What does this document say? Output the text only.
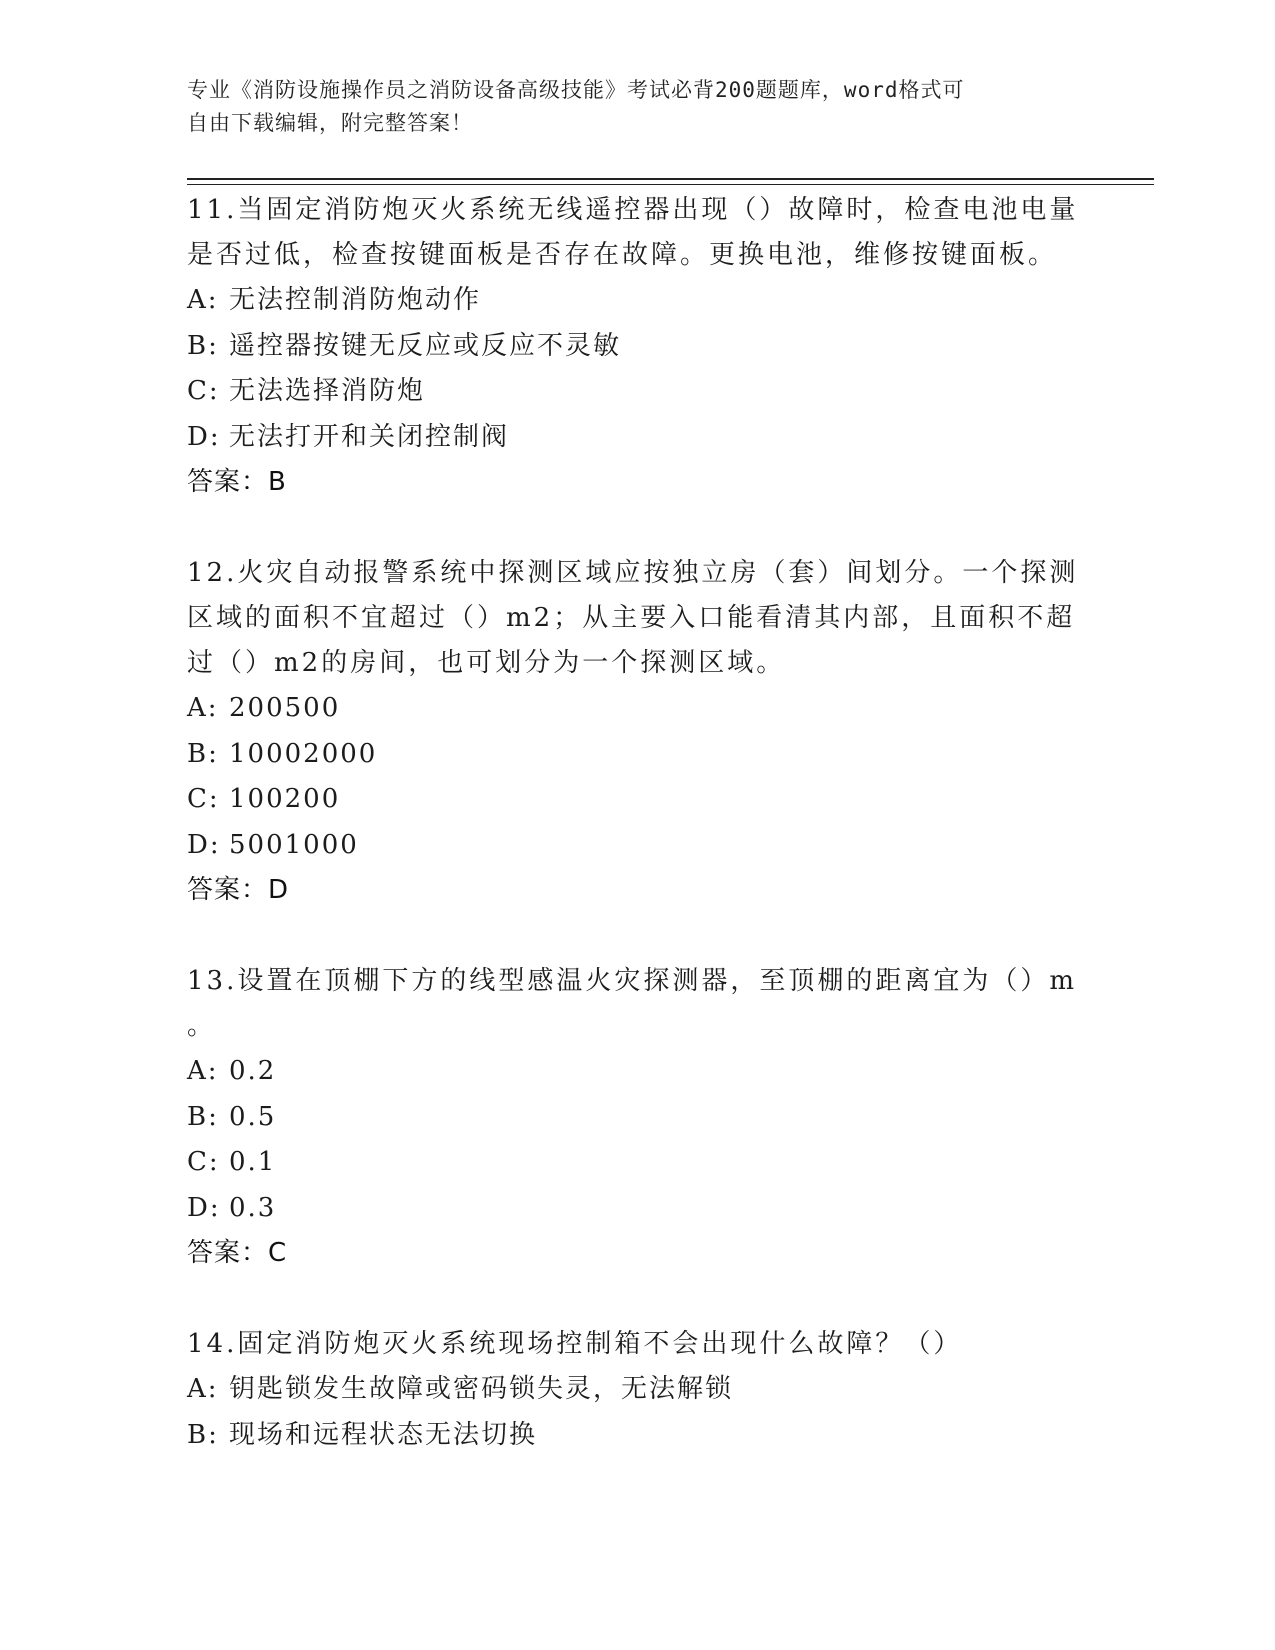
专业《消防设施操作员之消防设备高级技能》考试必背200题题库，word格式可
自由下载编辑，附完整答案！
11.当固定消防炮灭火系统无线遥控器出现（）故障时，检查电池电量
是否过低，检查按键面板是否存在故障。更换电池，维修按键面板。
A: 无法控制消防炮动作
B: 遥控器按键无反应或反应不灵敏
C: 无法选择消防炮
D: 无法打开和关闭控制阀
答案：B
12.火灾自动报警系统中探测区域应按独立房（套）间划分。一个探测
区域的面积不宜超过（）m2；从主要入口能看清其内部，且面积不超
过（）m2的房间，也可划分为一个探测区域。
A: 200500
B: 10002000
C: 100200
D: 5001000
答案：D
13.设置在顶棚下方的线型感温火灾探测器，至顶棚的距离宜为（）m
。
A: 0.2
B: 0.5
C: 0.1
D: 0.3
答案：C
14.固定消防炮灭火系统现场控制箱不会出现什么故障？（）
A: 钥匙锁发生故障或密码锁失灵，无法解锁
B: 现场和远程状态无法切换
